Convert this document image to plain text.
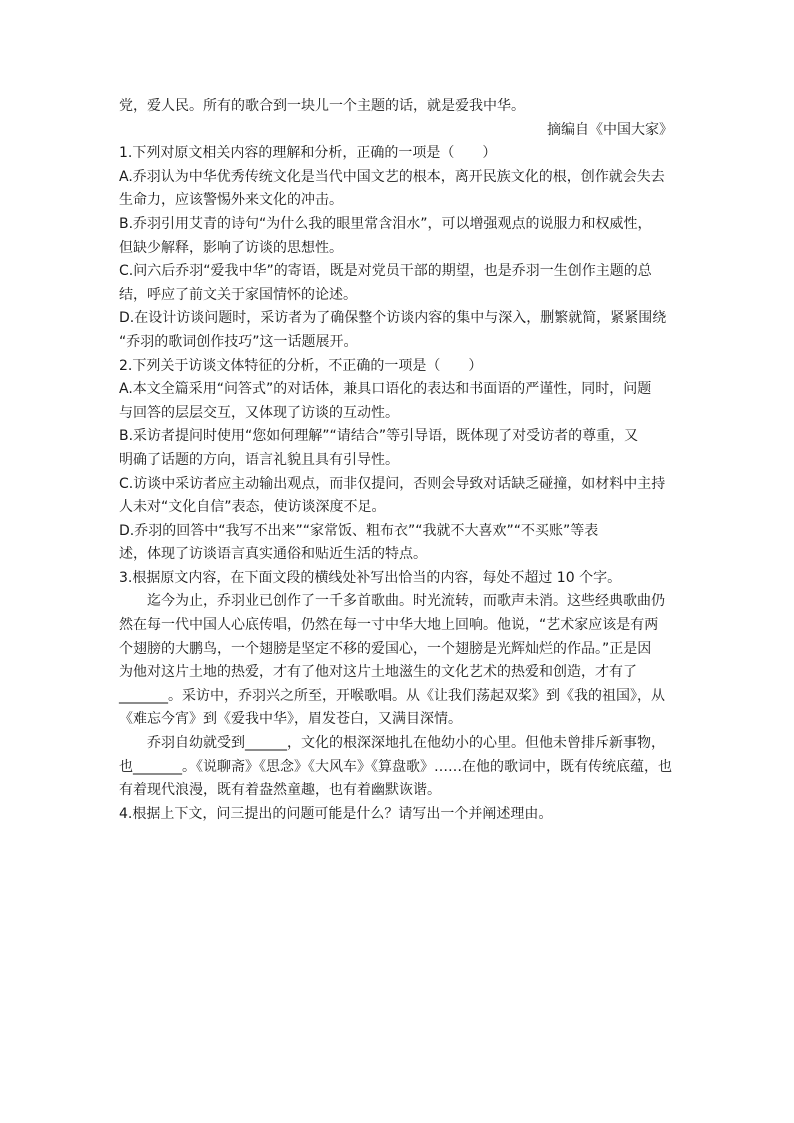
党，爱人民。所有的歌合到一块儿一个主题的话，就是爱我中华。
摘编自《中国大家》
1.下列对原文相关内容的理解和分析，正确的一项是（　　）
A.乔羽认为中华优秀传统文化是当代中国文艺的根本，离开民族文化的根，创作就会失去
生命力，应该警惕外来文化的冲击。
B.乔羽引用艾青的诗句“为什么我的眼里常含泪水”，可以增强观点的说服力和权威性，
但缺少解释，影响了访谈的思想性。
C.问六后乔羽“爱我中华”的寄语，既是对党员干部的期望，也是乔羽一生创作主题的总
结，呼应了前文关于家国情怀的论述。
D.在设计访谈问题时，采访者为了确保整个访谈内容的集中与深入，删繁就简，紧紧围绕
“乔羽的歌词创作技巧”这一话题展开。
2.下列关于访谈文体特征的分析，不正确的一项是（　　）
A.本文全篇采用“问答式”的对话体，兼具口语化的表达和书面语的严谨性，同时，问题
与回答的层层交互，又体现了访谈的互动性。
B.采访者提问时使用“您如何理解”“请结合”等引导语，既体现了对受访者的尊重，又
明确了话题的方向，语言礼貌且具有引导性。
C.访谈中采访者应主动输出观点，而非仅提问，否则会导致对话缺乏碰撞，如材料中主持
人未对“文化自信”表态，使访谈深度不足。
D.乔羽的回答中“我写不出来”“家常饭、粗布衣”“我就不大喜欢”“不买账”等表
述，体现了访谈语言真实通俗和贴近生活的特点。
3.根据原文内容，在下面文段的横线处补写出恰当的内容，每处不超过 10 个字。
迄今为止，乔羽业已创作了一千多首歌曲。时光流转，而歌声未消。这些经典歌曲仍
然在每一代中国人心底传唱，仍然在每一寸中华大地上回响。他说，“艺术家应该是有两
个翅膀的大鹏鸟，一个翅膀是坚定不移的爱国心，一个翅膀是光辉灿烂的作品。”正是因
为他对这片土地的热爱，才有了他对这片土地滋生的文化艺术的热爱和创造，才有了
_______。采访中，乔羽兴之所至，开喉歌唱。从《让我们荡起双桨》到《我的祖国》，从
《难忘今宵》到《爱我中华》，眉发苍白，又满目深情。
乔羽自幼就受到______，文化的根深深地扎在他幼小的心里。但他未曾排斥新事物，
也_______。《说聊斋》《思念》《大风车》《算盘歌》……在他的歌词中，既有传统底蕴，也
有着现代浪漫，既有着盎然童趣，也有着幽默诙谐。
4.根据上下文，问三提出的问题可能是什么？请写出一个并阐述理由。
